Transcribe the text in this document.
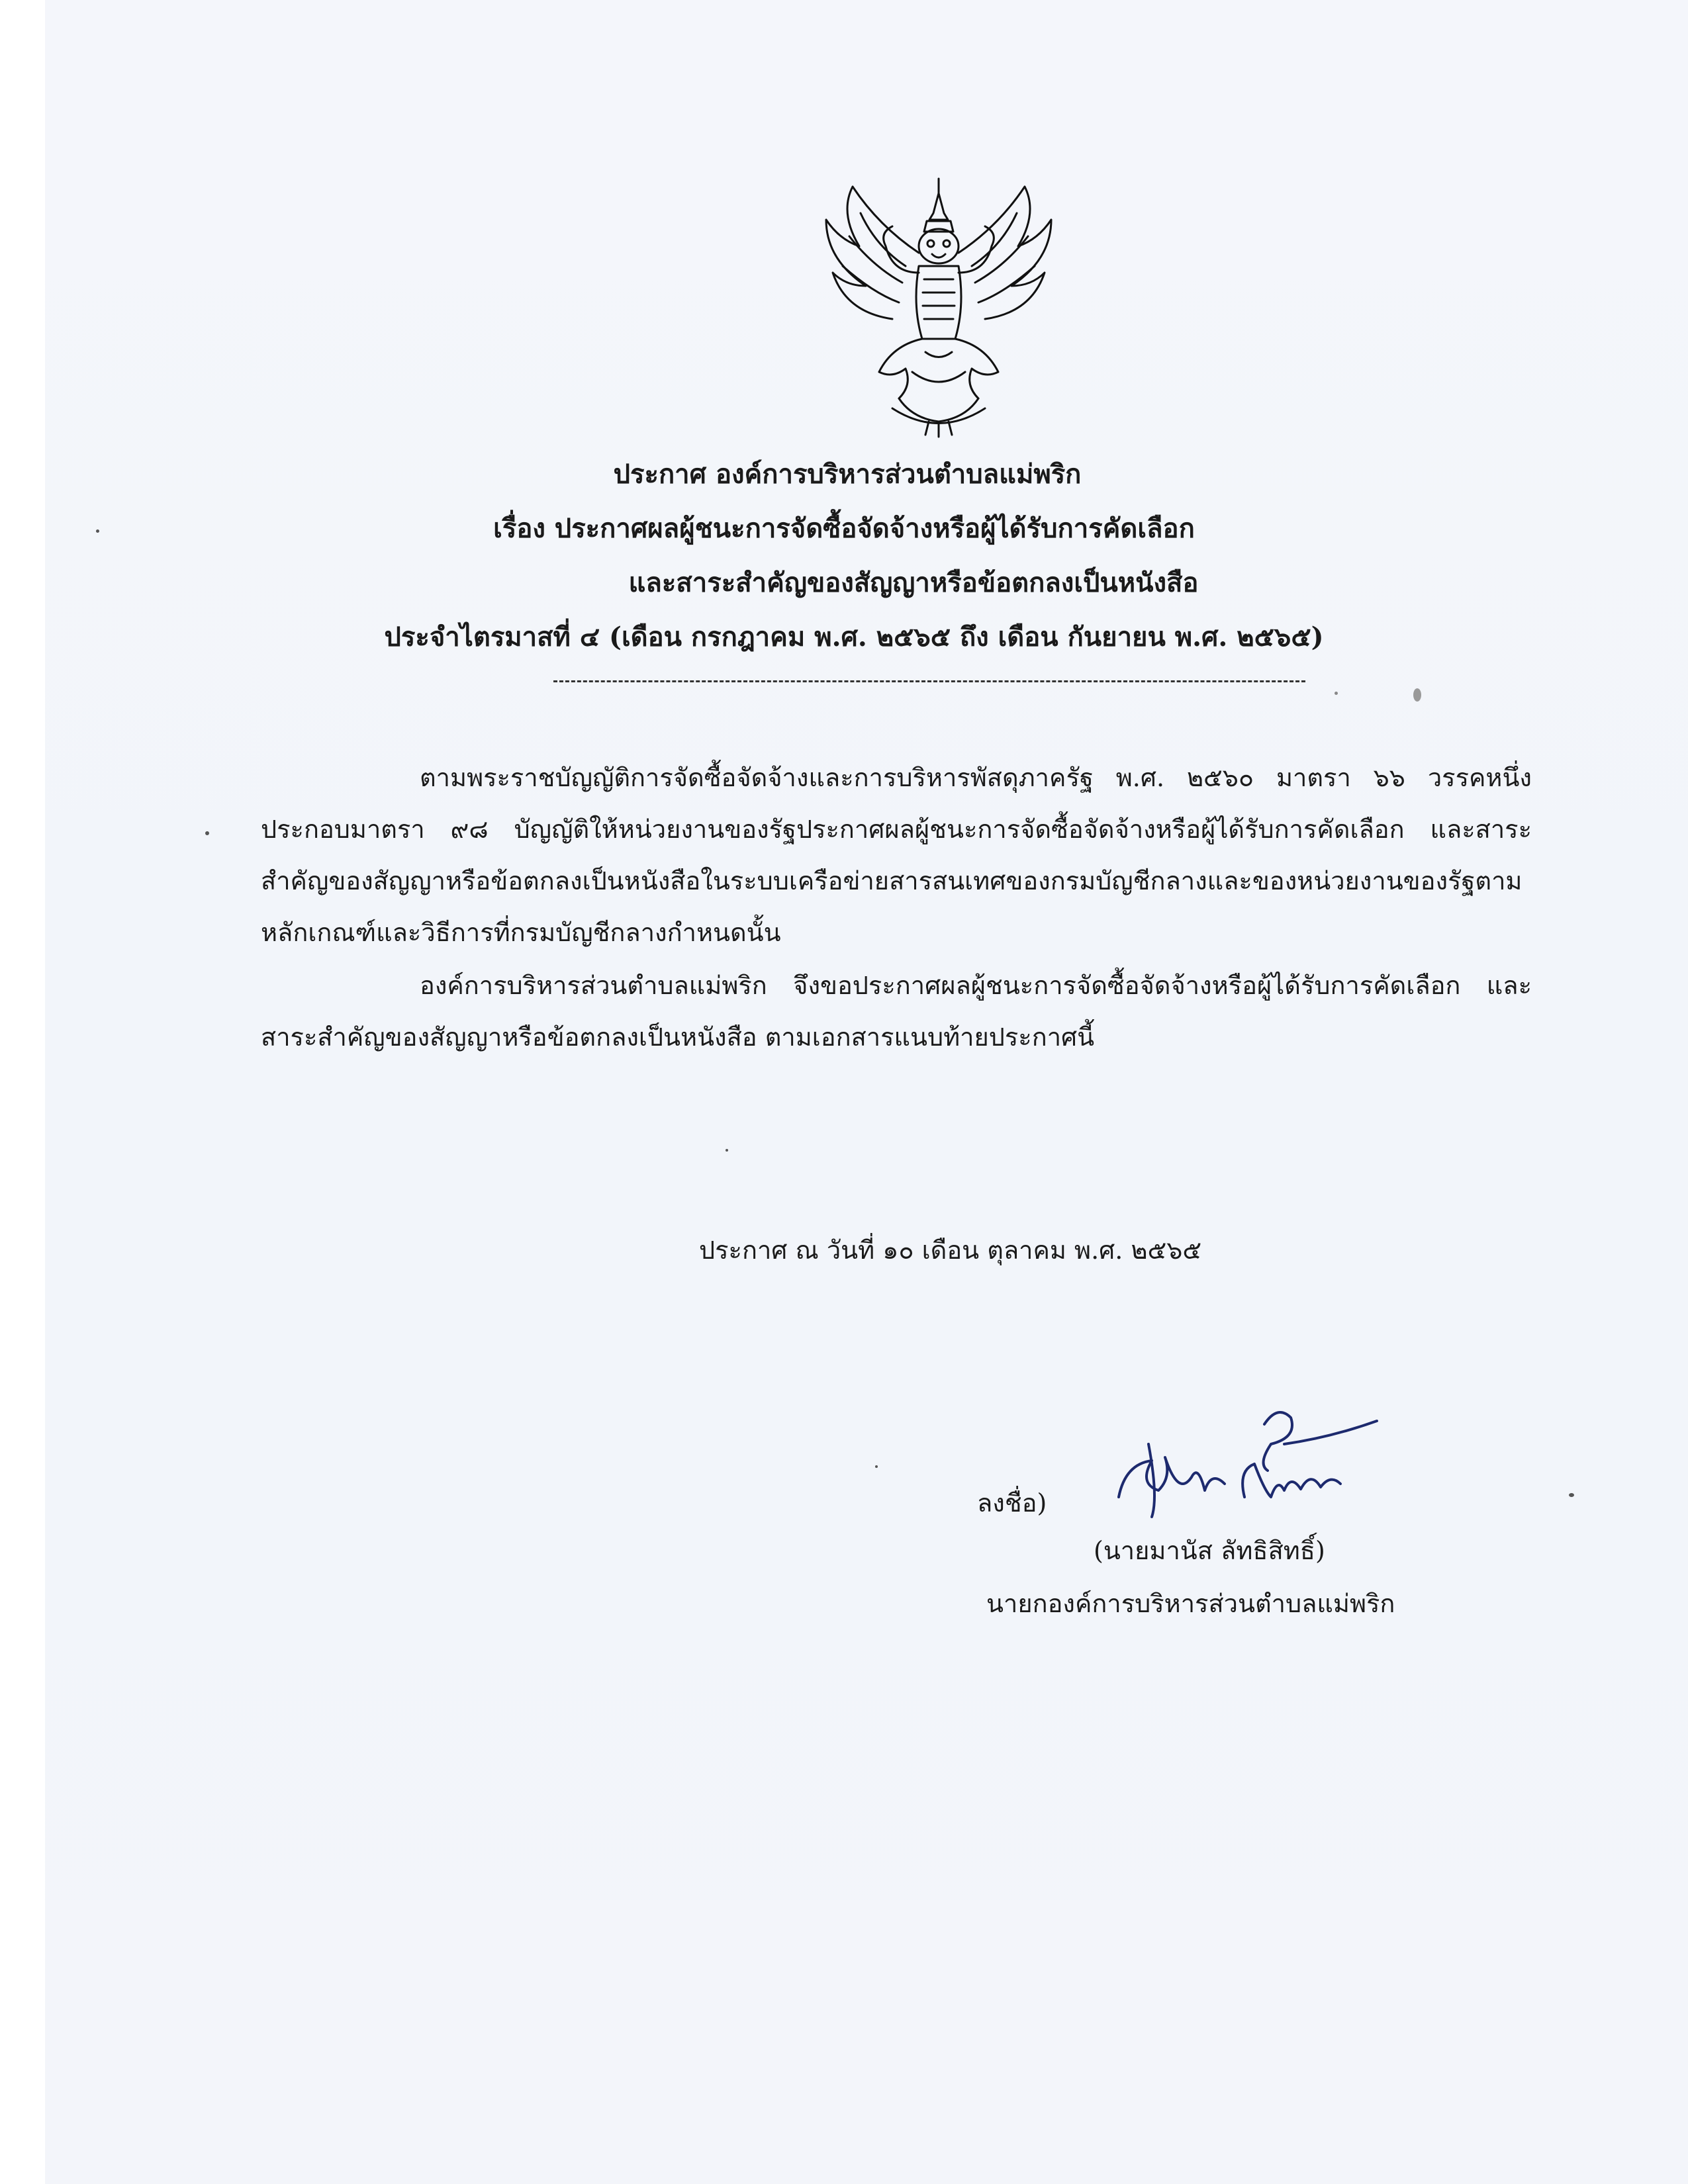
ประกาศ องค์การบริหารส่วนตำบลแม่พริก
เรื่อง ประกาศผลผู้ชนะการจัดซื้อจัดจ้างหรือผู้ได้รับการคัดเลือก
และสาระสำคัญของสัญญาหรือข้อตกลงเป็นหนังสือ
ประจำไตรมาสที่ ๔ (เดือน กรกฎาคม พ.ศ. ๒๕๖๕ ถึง เดือน กันยายน พ.ศ. ๒๕๖๕)

ตามพระราชบัญญัติการจัดซื้อจัดจ้างและการบริหารพัสดุภาครัฐ พ.ศ. ๒๕๖๐ มาตรา ๖๖ วรรคหนึ่ง ประกอบมาตรา ๙๘ บัญญัติให้หน่วยงานของรัฐประกาศผลผู้ชนะการจัดซื้อจัดจ้างหรือผู้ได้รับการคัดเลือก และสาระสำคัญของสัญญาหรือข้อตกลงเป็นหนังสือในระบบเครือข่ายสารสนเทศของกรมบัญชีกลางและของหน่วยงานของรัฐตามหลักเกณฑ์และวิธีการที่กรมบัญชีกลางกำหนดนั้น

องค์การบริหารส่วนตำบลแม่พริก จึงขอประกาศผลผู้ชนะการจัดซื้อจัดจ้างหรือผู้ได้รับการคัดเลือก และสาระสำคัญของสัญญาหรือข้อตกลงเป็นหนังสือ ตามเอกสารแนบท้ายประกาศนี้

ประกาศ ณ วันที่ ๑๐ เดือน ตุลาคม พ.ศ. ๒๕๖๕
ลงชื่อ)
(นายมานัส ลัทธิสิทธิ์)
นายกองค์การบริหารส่วนตำบลแม่พริก
